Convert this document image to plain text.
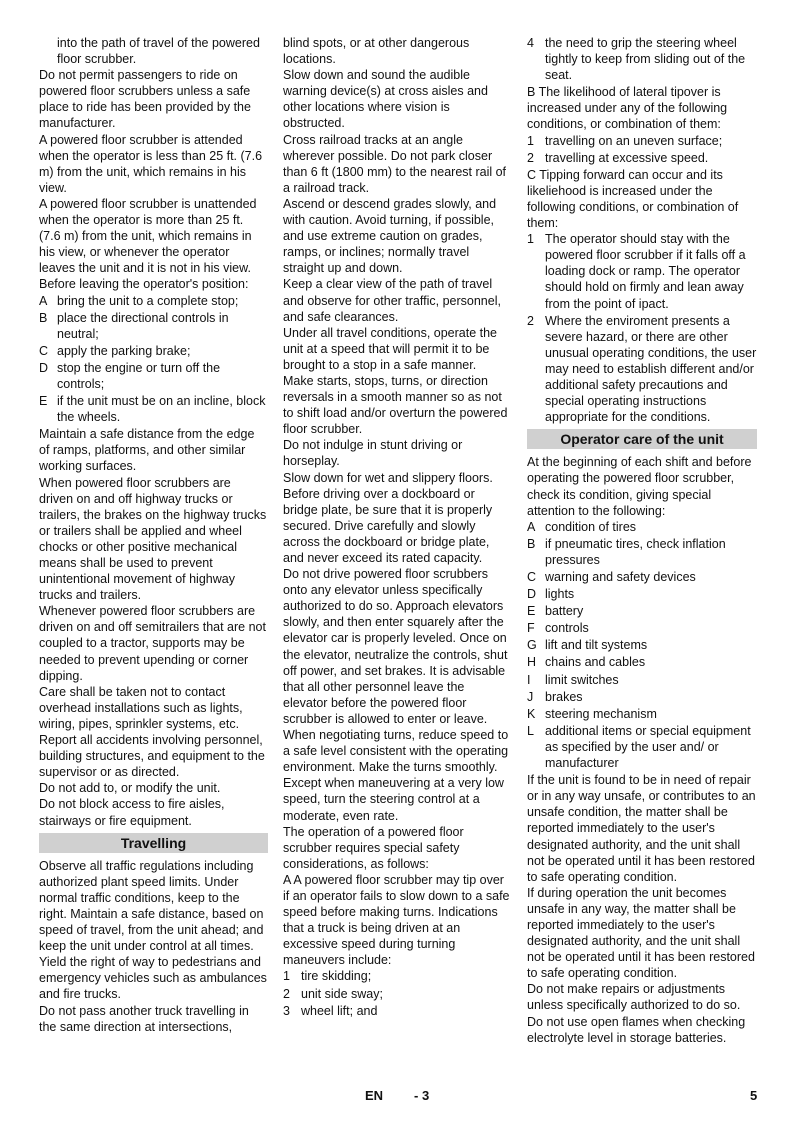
into the path of travel of the powered floor scrubber.

Do not permit passengers to ride on powered floor scrubbers unless a safe place to ride has been provided by the manufacturer.

A powered floor scrubber is attended when the operator is less than 25 ft. (7.6 m) from the unit, which remains in his view.

A powered floor scrubber is unattended when the operator is more than 25 ft. (7.6 m) from the unit, which remains in his view, or whenever the operator leaves the unit and it is not in his view.

Before leaving the operator's position:

A bring the unit to a complete stop;
B place the directional controls in neutral;
C apply the parking brake;
D stop the engine or turn off the controls;
E if the unit must be on an incline, block the wheels.

Maintain a safe distance from the edge of ramps, platforms, and other similar working surfaces.

When powered floor scrubbers are driven on and off highway trucks or trailers, the brakes on the highway trucks or trailers shall be applied and wheel chocks or other positive mechanical means shall be used to prevent unintentional movement of highway trucks and trailers.

Whenever powered floor scrubbers are driven on and off semitrailers that are not coupled to a tractor, supports may be needed to prevent upending or corner dipping.

Care shall be taken not to contact overhead installations such as lights, wiring, pipes, sprinkler systems, etc.

Report all accidents involving personnel, building structures, and equipment to the supervisor or as directed.

Do not add to, or modify the unit.

Do not block access to fire aisles, stairways or fire equipment.

Travelling

Observe all traffic regulations including authorized plant speed limits. Under normal traffic conditions, keep to the right. Maintain a safe distance, based on speed of travel, from the unit ahead; and keep the unit under control at all times.

Yield the right of way to pedestrians and emergency vehicles such as ambulances and fire trucks.

Do not pass another truck travelling in the same direction at intersections,

blind spots, or at other dangerous locations.

Slow down and sound the audible warning device(s) at cross aisles and other locations where vision is obstructed.

Cross railroad tracks at an angle wherever possible. Do not park closer than 6 ft (1800 mm) to the nearest rail of a railroad track.

Ascend or descend grades slowly, and with caution. Avoid turning, if possible, and use extreme caution on grades, ramps, or inclines; normally travel straight up and down.

Keep a clear view of the path of travel and observe for other traffic, personnel, and safe clearances.

Under all travel conditions, operate the unit at a speed that will permit it to be brought to a stop in a safe manner.

Make starts, stops, turns, or direction reversals in a smooth manner so as not to shift load and/or overturn the powered floor scrubber.

Do not indulge in stunt driving or horseplay.

Slow down for wet and slippery floors.

Before driving over a dockboard or bridge plate, be sure that it is properly secured. Drive carefully and slowly across the dockboard or bridge plate, and never exceed its rated capacity.

Do not drive powered floor scrubbers onto any elevator unless specifically authorized to do so. Approach elevators slowly, and then enter squarely after the elevator car is properly leveled. Once on the elevator, neutralize the controls, shut off power, and set brakes. It is advisable that all other personnel leave the elevator before the powered floor scrubber is allowed to enter or leave.

When negotiating turns, reduce speed to a safe level consistent with the operating environment. Make the turns smoothly. Except when maneuvering at a very low speed, turn the steering control at a moderate, even rate.

The operation of a powered floor scrubber requires special safety considerations, as follows:

A A powered floor scrubber may tip over if an operator fails to slow down to a safe speed before making turns. Indications that a truck is being driven at an excessive speed during turning maneuvers include:

1 tire skidding;
2 unit side sway;
3 wheel lift; and
4 the need to grip the steering wheel tightly to keep from sliding out of the seat.

B The likelihood of lateral tipover is increased under any of the following conditions, or combination of them:

1 travelling on an uneven surface;
2 travelling at excessive speed.

C Tipping forward can occur and its likeliehood is increased under the following conditions, or combination of them:

1 The operator should stay with the powered floor scrubber if it falls off a loading dock or ramp. The operator should hold on firmly and lean away from the point of ipact.
2 Where the enviroment presents a severe hazard, or there are other unusual operating conditions, the user may need to establish different and/or additional safety precautions and special operating instructions appropriate for the conditions.
Operator care of the unit

At the beginning of each shift and before operating the powered floor scrubber, check its condition, giving special attention to the following:

A condition of tires
B if pneumatic tires, check inflation pressures
C warning and safety devices
D lights
E battery
F controls
G lift and tilt systems
H chains and cables
I	limit switches
J brakes
K steering mechanism
L additional items or special equipment as specified by the user and/ or manufacturer

If the unit is found to be in need of repair or in any way unsafe, or contributes to an unsafe condition, the matter shall be reported immediately to the user's designated authority, and the unit shall not be operated until it has been restored to safe operating condition.

If during operation the unit becomes unsafe in any way, the matter shall be reported immediately to the user's designated authority, and the unit shall not be operated until it has been restored to safe operating condition.

Do not make repairs or adjustments unless specifically authorized to do so.

Do not use open flames when checking electrolyte level in storage batteries.

EN - 3	5
